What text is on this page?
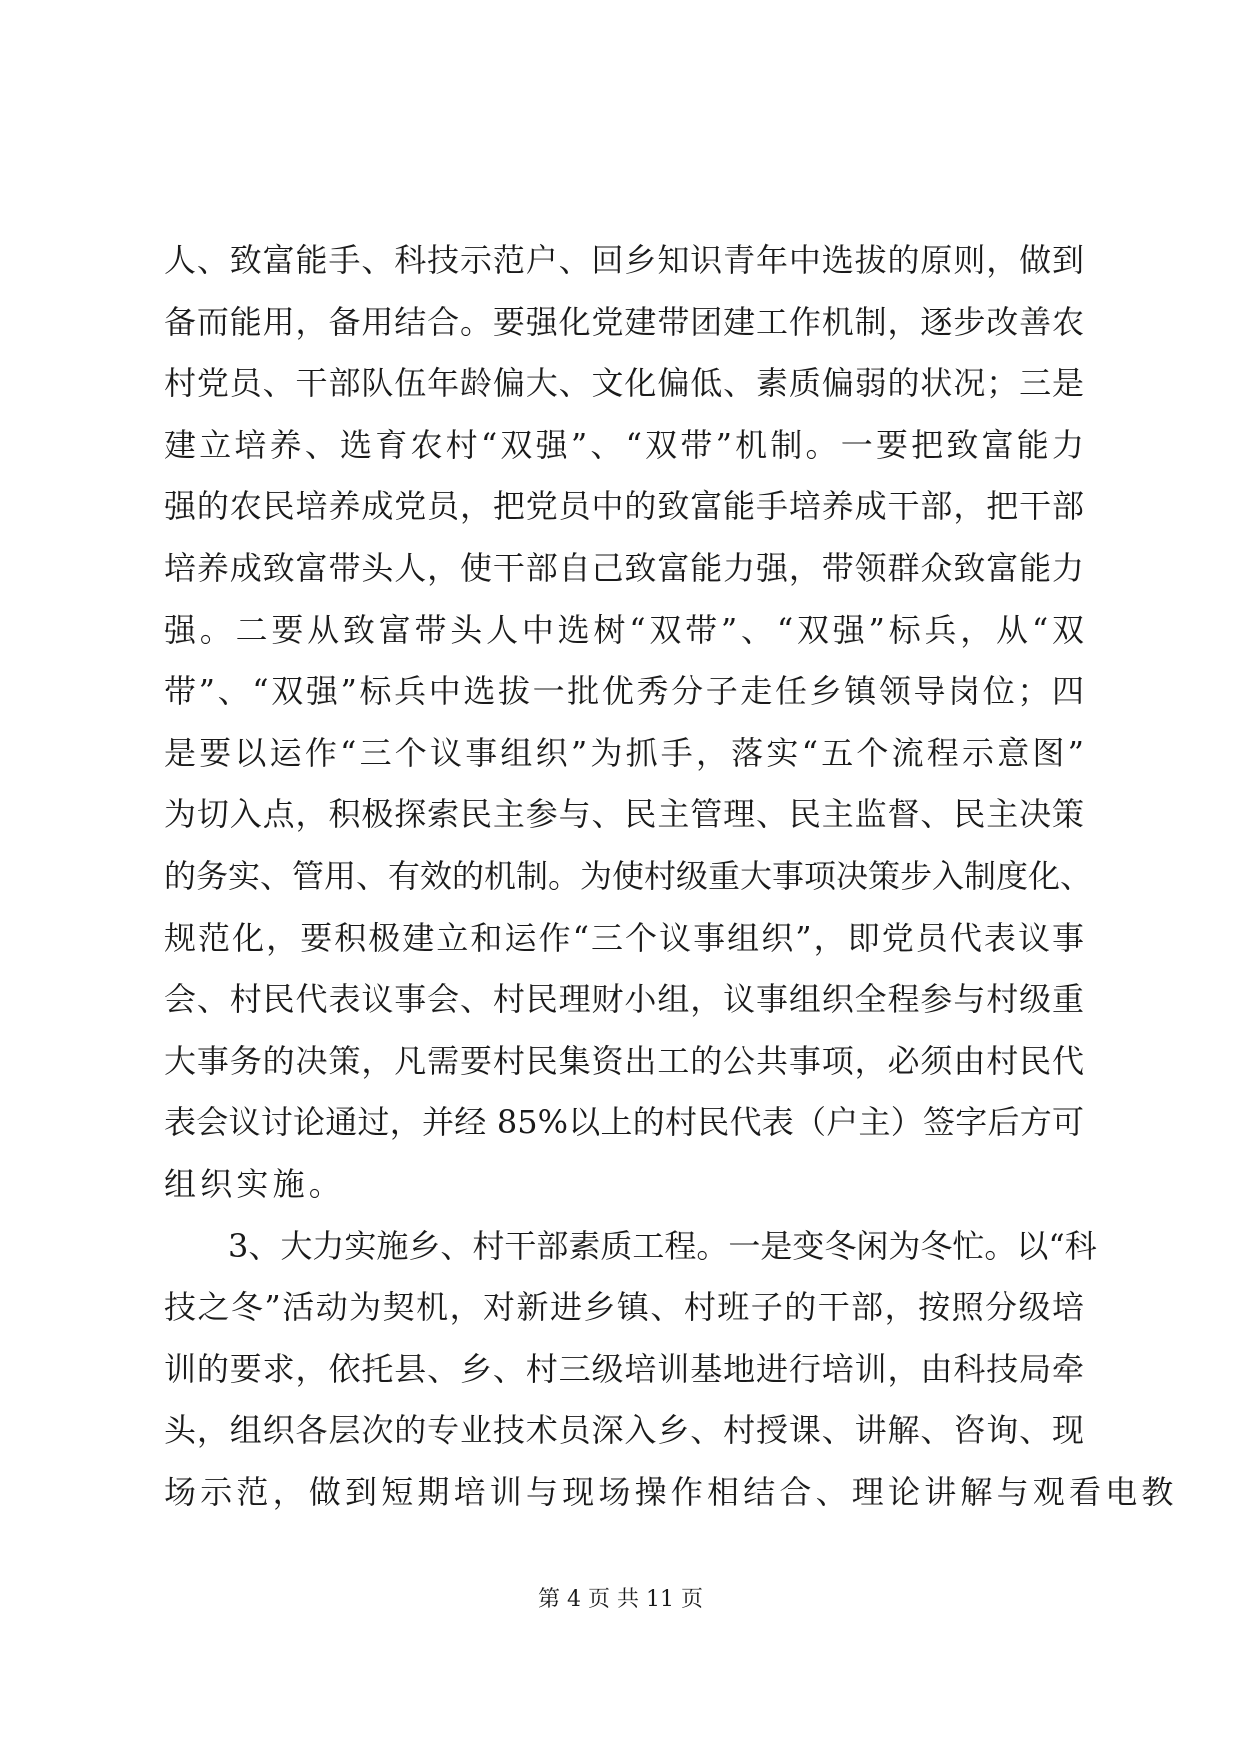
人、致富能手、科技示范户、回乡知识青年中选拔的原则，做到
备而能用，备用结合。要强化党建带团建工作机制，逐步改善农
村党员、干部队伍年龄偏大、文化偏低、素质偏弱的状况；三是
建立培养、选育农村“双强”、“双带”机制。一要把致富能力
强的农民培养成党员，把党员中的致富能手培养成干部，把干部
培养成致富带头人，使干部自己致富能力强，带领群众致富能力
强。二要从致富带头人中选树“双带”、“双强”标兵，从“双
带”、“双强”标兵中选拔一批优秀分子走任乡镇领导岗位；四
是要以运作“三个议事组织”为抓手，落实“五个流程示意图”
为切入点，积极探索民主参与、民主管理、民主监督、民主决策
的务实、管用、有效的机制。为使村级重大事项决策步入制度化、
规范化，要积极建立和运作“三个议事组织”，即党员代表议事
会、村民代表议事会、村民理财小组，议事组织全程参与村级重
大事务的决策，凡需要村民集资出工的公共事项，必须由村民代
表会议讨论通过，并经 85%以上的村民代表（户主）签字后方可
组织实施。
3、大力实施乡、村干部素质工程。一是变冬闲为冬忙。以“科
技之冬”活动为契机，对新进乡镇、村班子的干部，按照分级培
训的要求，依托县、乡、村三级培训基地进行培训，由科技局牵
头，组织各层次的专业技术员深入乡、村授课、讲解、咨询、现
场示范，做到短期培训与现场操作相结合、理论讲解与观看电教
第 4 页 共 11 页
